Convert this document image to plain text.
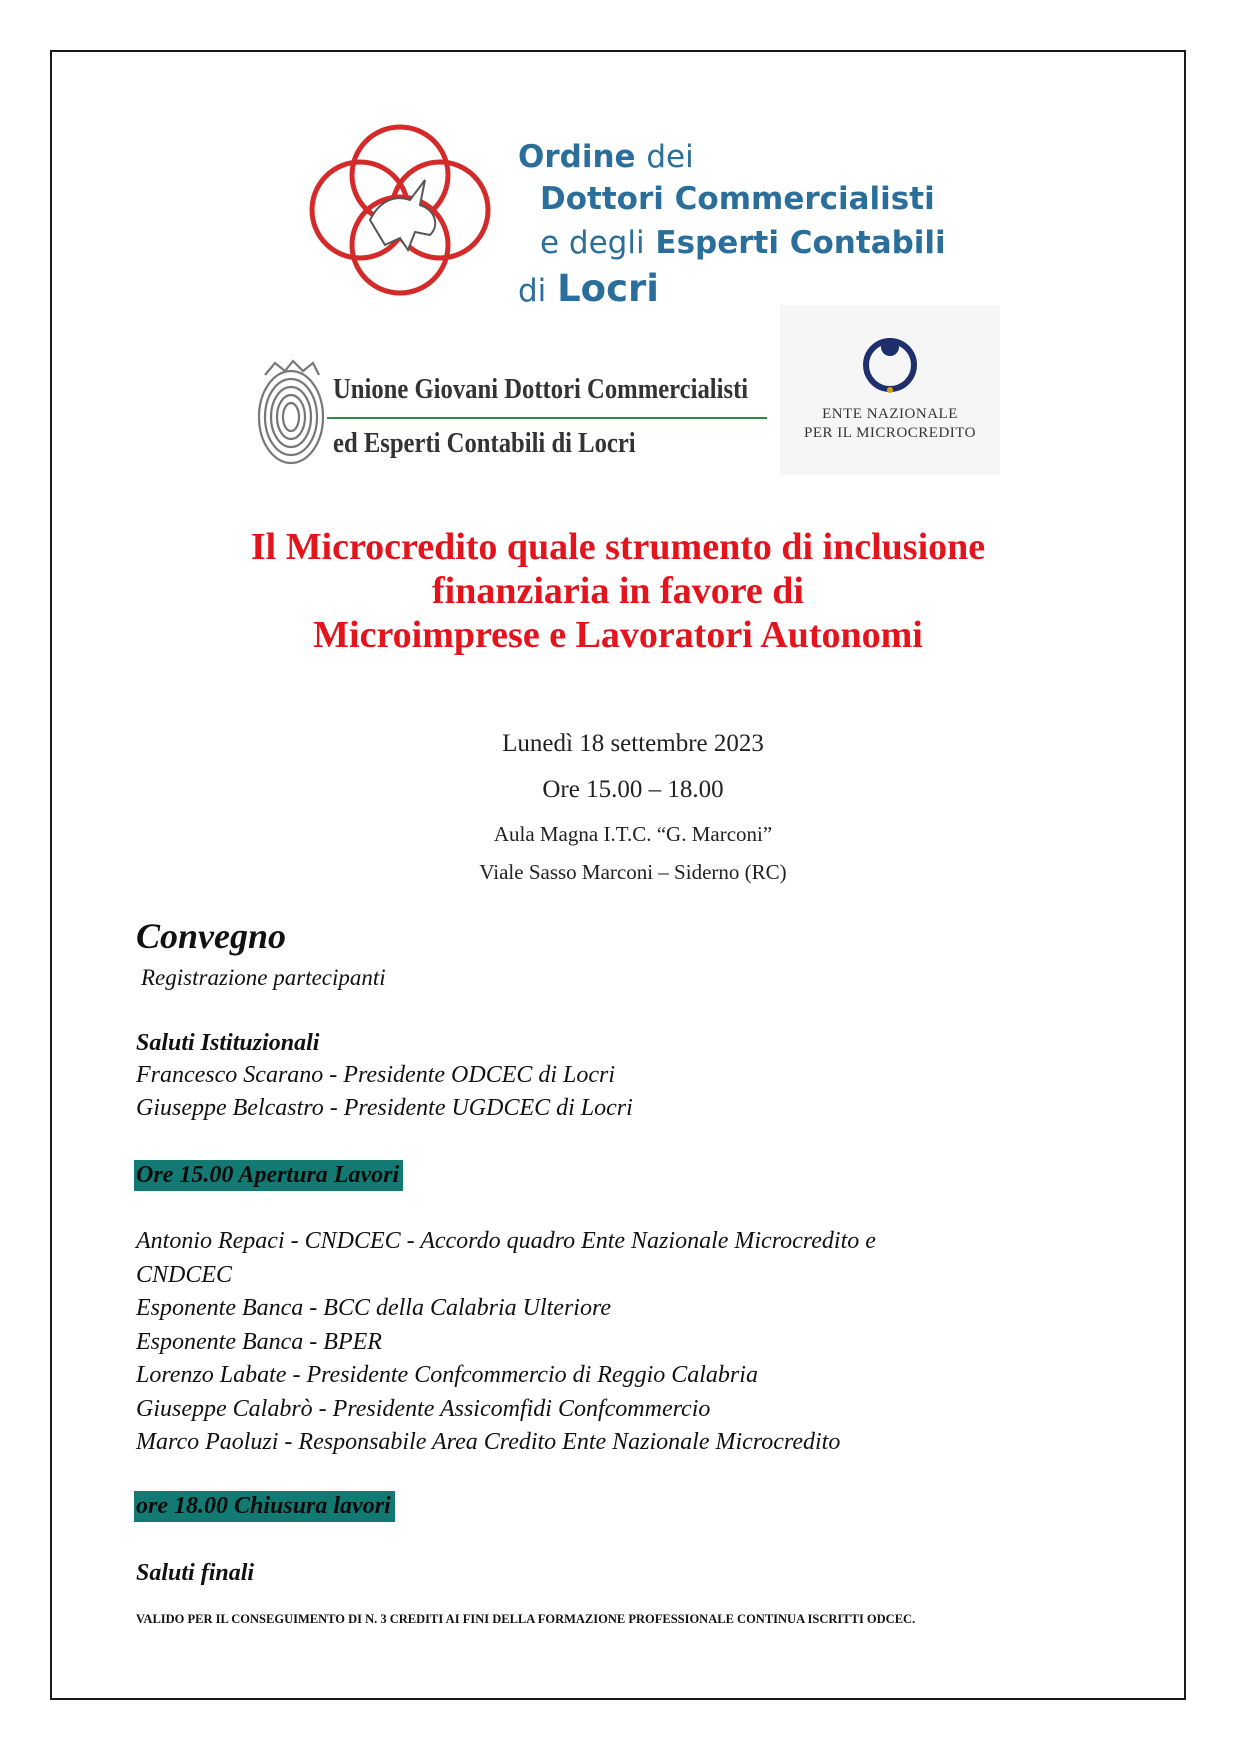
Ordine dei
Dottori Commercialisti
e degli Esperti Contabili
di Locri
Unione Giovani Dottori Commercialisti
ed Esperti Contabili di Locri
ENTE NAZIONALE
PER IL MICROCREDITO
Il Microcredito quale strumento di inclusione
finanziaria in favore di
Microimprese e Lavoratori Autonomi
Lunedì 18 settembre 2023
Ore 15.00 – 18.00
Aula Magna I.T.C. “G. Marconi”
Viale Sasso Marconi – Siderno (RC)
Convegno
Registrazione partecipanti
Saluti Istituzionali
Francesco Scarano - Presidente ODCEC di Locri
Giuseppe Belcastro - Presidente UGDCEC di Locri
Ore 15.00 Apertura Lavori
Antonio Repaci - CNDCEC - Accordo quadro Ente Nazionale Microcredito e
CNDCEC
Esponente Banca - BCC della Calabria Ulteriore
Esponente Banca - BPER
Lorenzo Labate - Presidente Confcommercio di Reggio Calabria
Giuseppe Calabrò - Presidente Assicomfidi Confcommercio
Marco Paoluzi - Responsabile Area Credito Ente Nazionale Microcredito
ore 18.00 Chiusura lavori
Saluti finali
VALIDO PER IL CONSEGUIMENTO DI N. 3 CREDITI AI FINI DELLA FORMAZIONE PROFESSIONALE CONTINUA ISCRITTI ODCEC.
